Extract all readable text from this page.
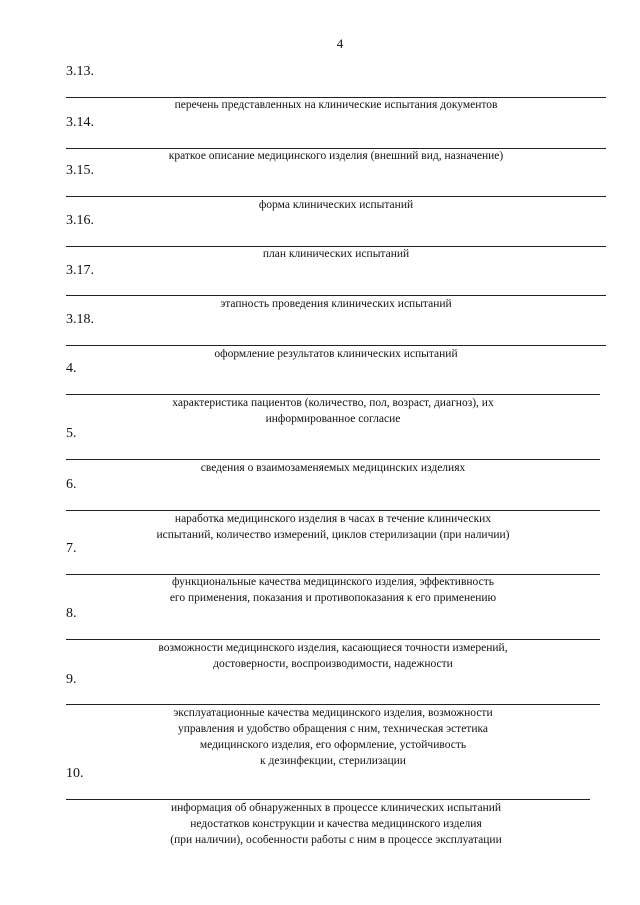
4
3.13.
перечень представленных на клинические испытания документов
3.14.
краткое описание медицинского изделия (внешний вид, назначение)
3.15.
форма клинических испытаний
3.16.
план клинических испытаний
3.17.
этапность проведения клинических испытаний
3.18.
оформление результатов клинических испытаний
4.
характеристика пациентов (количество, пол, возраст, диагноз), их
информированное согласие
5.
сведения о взаимозаменяемых медицинских изделиях
6.
наработка медицинского изделия в часах в течение клинических
испытаний, количество измерений, циклов стерилизации (при наличии)
7.
функциональные качества медицинского изделия, эффективность
его применения, показания и противопоказания к его применению
8.
возможности медицинского изделия, касающиеся точности измерений,
достоверности, воспроизводимости, надежности
9.
эксплуатационные качества медицинского изделия, возможности
управления и удобство обращения с ним, техническая эстетика
медицинского изделия, его оформление, устойчивость
к дезинфекции, стерилизации
10.
информация об обнаруженных в процессе клинических испытаний
недостатков конструкции и качества медицинского изделия
(при наличии), особенности работы с ним в процессе эксплуатации
